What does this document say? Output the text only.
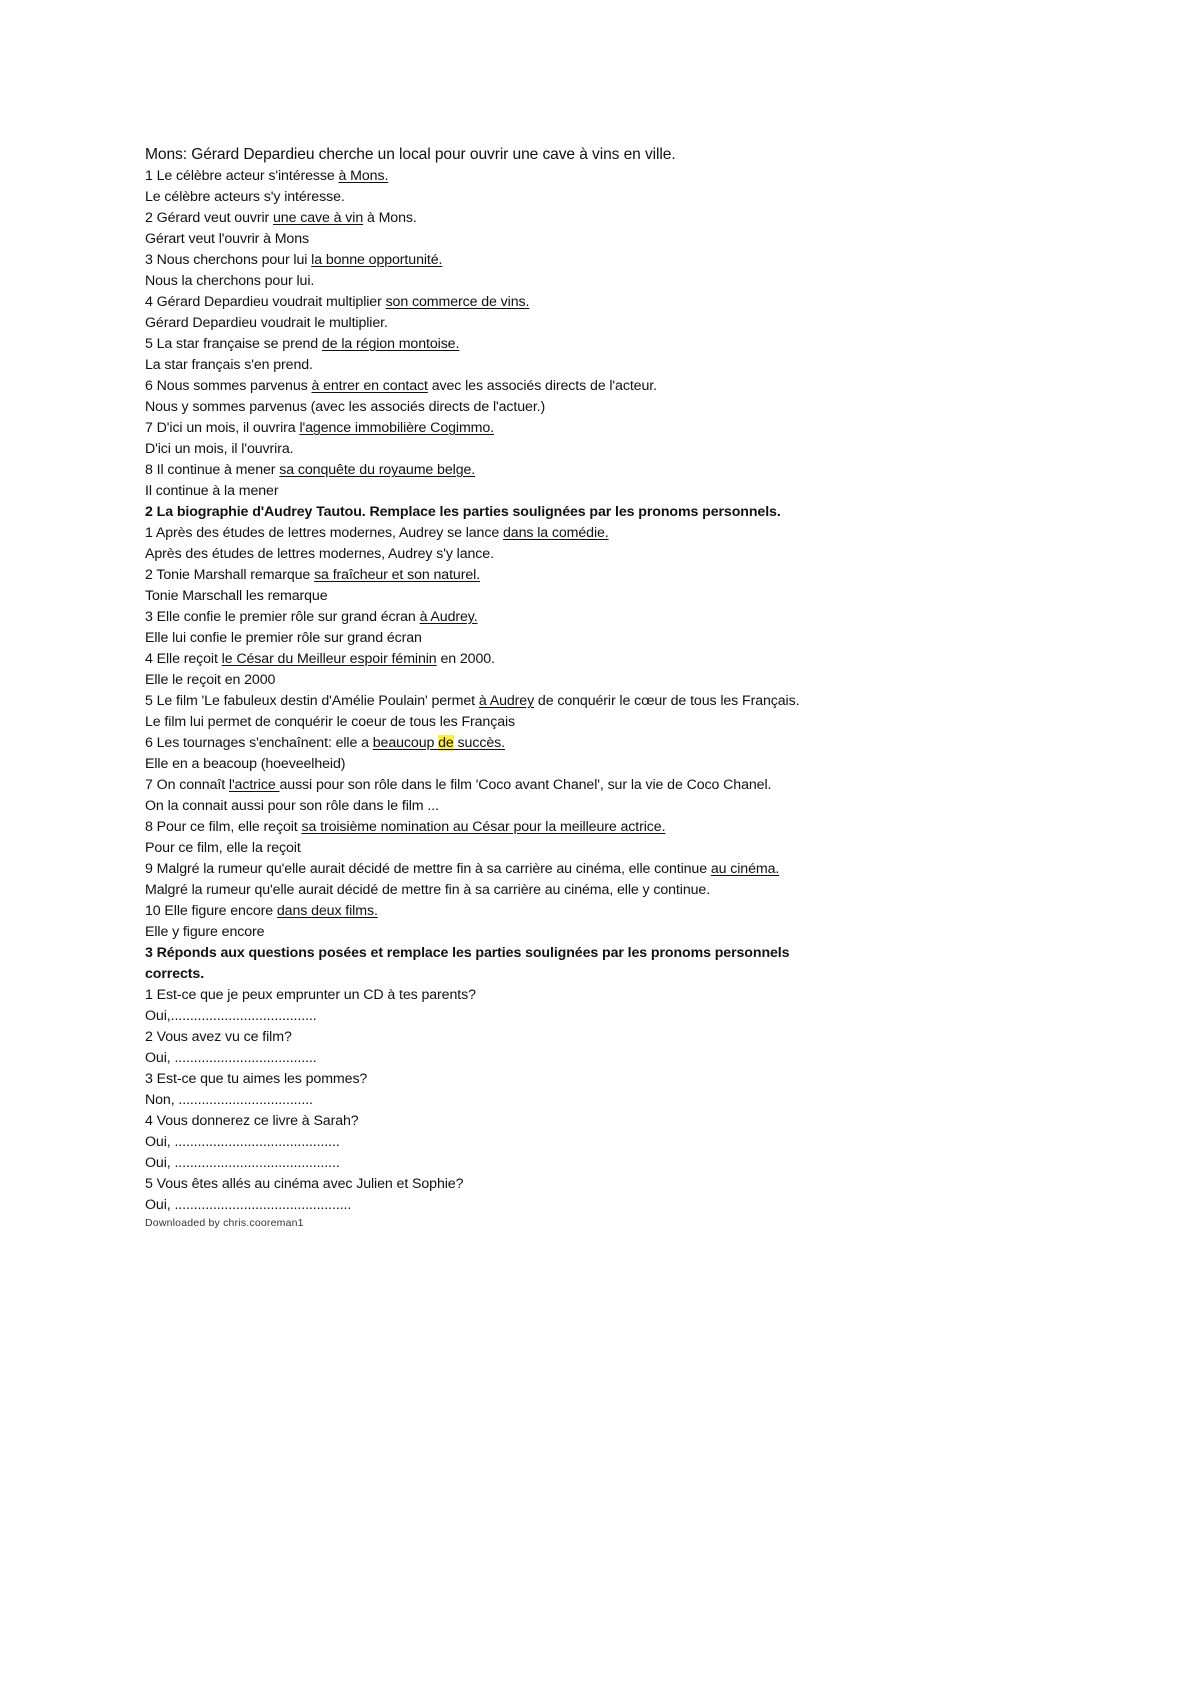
Mons: Gérard Depardieu cherche un local pour ouvrir une cave à vins en ville.
1 Le célèbre acteur s'intéresse à Mons.
Le célèbre acteurs s'y intéresse.
2 Gérard veut ouvrir une cave à vin à Mons.
Gérart veut l'ouvrir à Mons
3 Nous cherchons pour lui la bonne opportunité.
Nous la cherchons pour lui.
4 Gérard Depardieu voudrait multiplier son commerce de vins.
Gérard Depardieu voudrait le multiplier.
5 La star française se prend de la région montoise.
La star français s'en prend.
6 Nous sommes parvenus à entrer en contact avec les associés directs de l'acteur.
Nous y sommes parvenus (avec les associés directs de l'actuer.)
7 D'ici un mois, il ouvrira l'agence immobilière Cogimmo.
D'ici un mois, il l'ouvrira.
8 Il continue à mener sa conquête du royaume belge.
Il continue à la mener
2 La biographie d'Audrey Tautou. Remplace les parties soulignées par les pronoms personnels.
1 Après des études de lettres modernes, Audrey se lance dans la comédie.
Après des études de lettres modernes, Audrey s'y lance.
2 Tonie Marshall remarque sa fraîcheur et son naturel.
Tonie Marschall les remarque
3 Elle confie le premier rôle sur grand écran à Audrey.
Elle lui confie le premier rôle sur grand écran
4 Elle reçoit le César du Meilleur espoir féminin en 2000.
Elle le reçoit en 2000
5 Le film 'Le fabuleux destin d'Amélie Poulain' permet à Audrey de conquérir le cœur de tous les Français.
Le film lui permet de conquérir le coeur de tous les Français
6 Les tournages s'enchaînent: elle a beaucoup de succès.
Elle en a beacoup (hoeveelheid)
7 On connaît l'actrice aussi pour son rôle dans le film 'Coco avant Chanel', sur la vie de Coco Chanel.
On la connait aussi pour son rôle dans le film ...
8 Pour ce film, elle reçoit sa troisième nomination au César pour la meilleure actrice.
Pour ce film, elle la reçoit
9 Malgré la rumeur qu'elle aurait décidé de mettre fin à sa carrière au cinéma, elle continue au cinéma.
Malgré la rumeur qu'elle aurait décidé de mettre fin à sa carrière au cinéma, elle y continue.
10 Elle figure encore dans deux films.
Elle y figure encore
3 Réponds aux questions posées et remplace les parties soulignées par les pronoms personnels corrects.
1 Est-ce que je peux emprunter un CD à tes parents?
Oui,......................................
2 Vous avez vu ce film?
Oui, .....................................
3 Est-ce que tu aimes les pommes?
Non, ...................................
4 Vous donnerez ce livre à Sarah?
Oui, ...........................................
Oui, ...........................................
5 Vous êtes allés au cinéma avec Julien et Sophie?
Oui, ..............................................
Downloaded by chris.cooreman1
